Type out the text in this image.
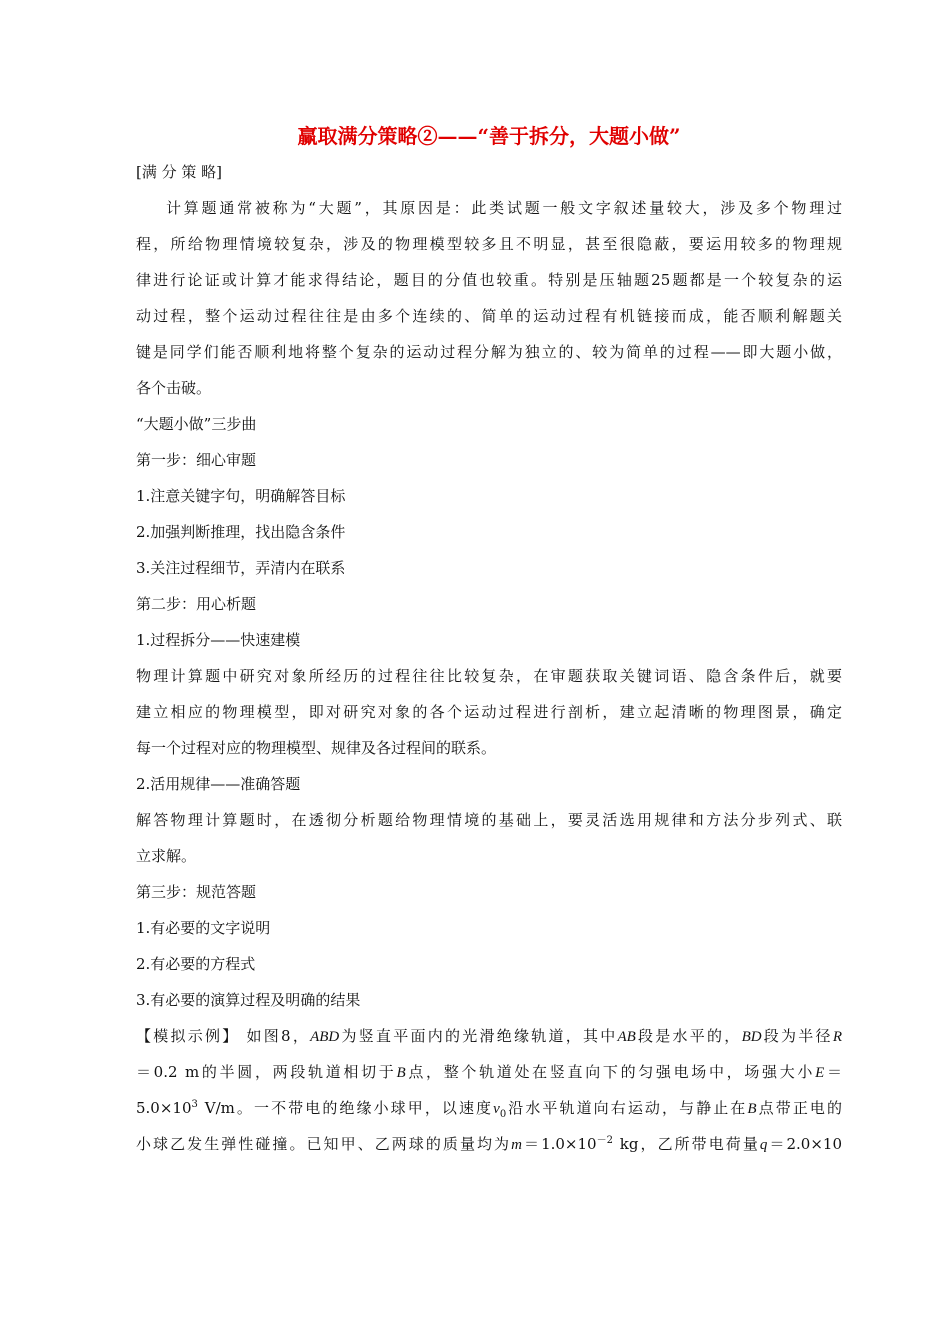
赢取满分策略②——“善于拆分，大题小做”
[满 分 策 略]
计算题通常被称为“大题”，其原因是：此类试题一般文字叙述量较大，涉及多个物理过
程，所给物理情境较复杂，涉及的物理模型较多且不明显，甚至很隐蔽，要运用较多的物理规
律进行论证或计算才能求得结论，题目的分值也较重。特别是压轴题25题都是一个较复杂的运
动过程，整个运动过程往往是由多个连续的、简单的运动过程有机链接而成，能否顺利解题关
键是同学们能否顺利地将整个复杂的运动过程分解为独立的、较为简单的过程——即大题小做，
各个击破。
“大题小做”三步曲
第一步：细心审题
1.注意关键字句，明确解答目标
2.加强判断推理，找出隐含条件
3.关注过程细节，弄清内在联系
第二步：用心析题
1.过程拆分——快速建模
物理计算题中研究对象所经历的过程往往比较复杂，在审题获取关键词语、隐含条件后，就要
建立相应的物理模型，即对研究对象的各个运动过程进行剖析，建立起清晰的物理图景，确定
每一个过程对应的物理模型、规律及各过程间的联系。
2.活用规律——准确答题
解答物理计算题时，在透彻分析题给物理情境的基础上，要灵活选用规律和方法分步列式、联
立求解。
第三步：规范答题
1.有必要的文字说明
2.有必要的方程式
3.有必要的演算过程及明确的结果
【模拟示例】 如图8，ABD为竖直平面内的光滑绝缘轨道，其中AB段是水平的，BD段为半径R
＝0.2 m的半圆，两段轨道相切于B点，整个轨道处在竖直向下的匀强电场中，场强大小E＝
$5.0\times 10^3$ V/m。一不带电的绝缘小球甲，以速度$v_0$沿水平轨道向右运动，与静止在B点带正电的
小球乙发生弹性碰撞。已知甲、乙两球的质量均为$m=1.0\times 10^{-2}$ kg，乙所带电荷量q＝2.0×10
